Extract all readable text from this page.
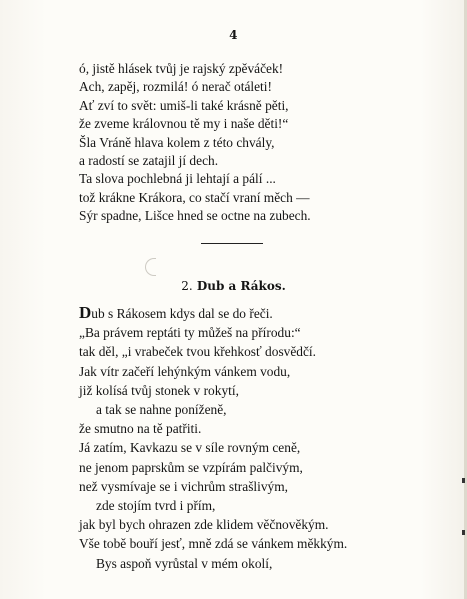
4
ó, jistě hlásek tvůj je rajský zpěváček!
Ach, zapěj, rozmilá! ó nerač otáleti!
Ať zví to svět: umiš-li také krásně pěti,
že zveme královnou tě my i naše děti!“
Šla Vráně hlava kolem z této chvály,
a radostí se zatajil jí dech.
Ta slova pochlebná ji lehtají a pálí ...
tož krákne Krákora, co stačí vraní měch —
Sýr spadne, Lišce hned se octne na zubech.
2. Dub a Rákos.
Dub s Rákosem kdys dal se do řeči.
„Ba právem reptáti ty můžeš na přírodu:“
tak děl, „i vrabeček tvou křehkosť dosvědčí.
Jak vítr začeří lehýnkým vánkem vodu,
již kolísá tvůj stonek v rokytí,
a tak se nahne poníženě,
že smutno na tě patřiti.
Já zatím, Kavkazu se v síle rovným ceně,
ne jenom paprskům se vzpírám palčivým,
než vysmívaje se i vichrům strašlivým,
zde stojím tvrd i přím,
jak byl bych ohrazen zde klidem věčnověkým.
Vše tobě bouří jesť, mně zdá se vánkem měkkým.
Bys aspoň vyrůstal v mém okolí,
